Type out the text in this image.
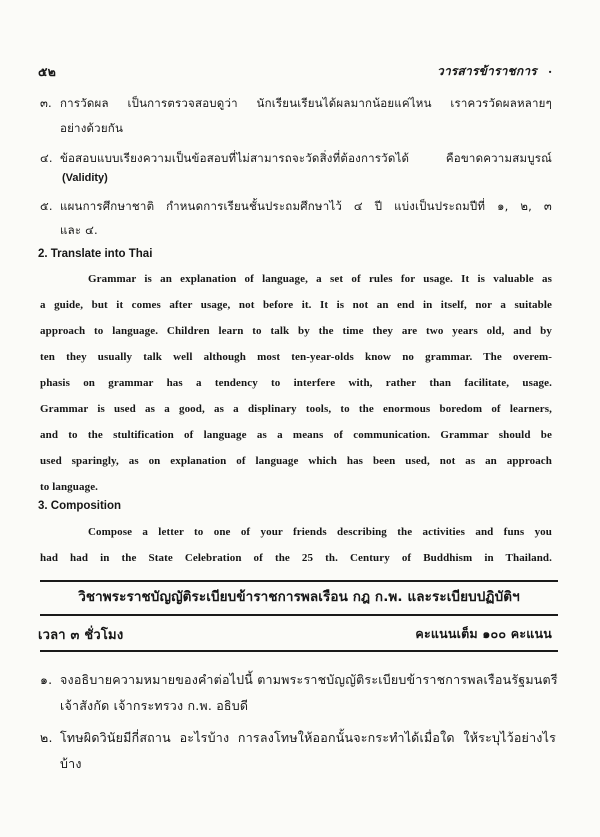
๕๒	วารสารข้าราชการ .
๓. การวัดผล เป็นการตรวจสอบดูว่า นักเรียนเรียนได้ผลมากน้อยแค่ไหน เราควรวัดผลหลายๆ
อย่างด้วยกัน
๔. ข้อสอบแบบเรียงความเป็นข้อสอบที่ไม่สามารถจะวัดสิ่งที่ต้องการวัดได้ คือขาดความสมบูรณ์
(Validity)
๕. แผนการศึกษาชาติ กำหนดการเรียนชั้นประถมศึกษาไว้ ๔ ปี แบ่งเป็นประถมปีที่ ๑, ๒, ๓
และ ๔.
2. Translate into Thai
Grammar is an explanation of language, a set of rules for usage. It is valuable as
a guide, but it comes after usage, not before it. It is not an end in itself, nor a suitable
approach to language. Children learn to talk by the time they are two years old, and by
ten they usually talk well although most ten-year-olds know no grammar. The overem-
phasis on grammar has a tendency to interfere with, rather than facilitate, usage.
Grammar is used as a good, as a displinary tools, to the enormous boredom of learners,
and to the stultification of language as a means of communication. Grammar should be
used sparingly, as on explanation of language which has been used, not as an approach
to language.
3. Composition
Compose a letter to one of your friends describing the activities and funs you
had had in the State Celebration of the 25 th. Century of Buddhism in Thailand.
วิชาพระราชบัญญัติระเบียบข้าราชการพลเรือน กฎ ก.พ. และระเบียบปฏิบัติฯ
เวลา ๓ ชั่วโมง	คะแนนเต็ม ๑๐๐ คะแนน
๑. จงอธิบายความหมายของคำต่อไปนี้ ตามพระราชบัญญัติระเบียบข้าราชการพลเรือนรัฐมนตรี
เจ้าสังกัด เจ้ากระทรวง ก.พ. อธิบดี
๒. โทษผิดวินัยมีกี่สถาน อะไรบ้าง การลงโทษให้ออกนั้นจะกระทำได้เมื่อใด ให้ระบุไว้อย่างไร
บ้าง
